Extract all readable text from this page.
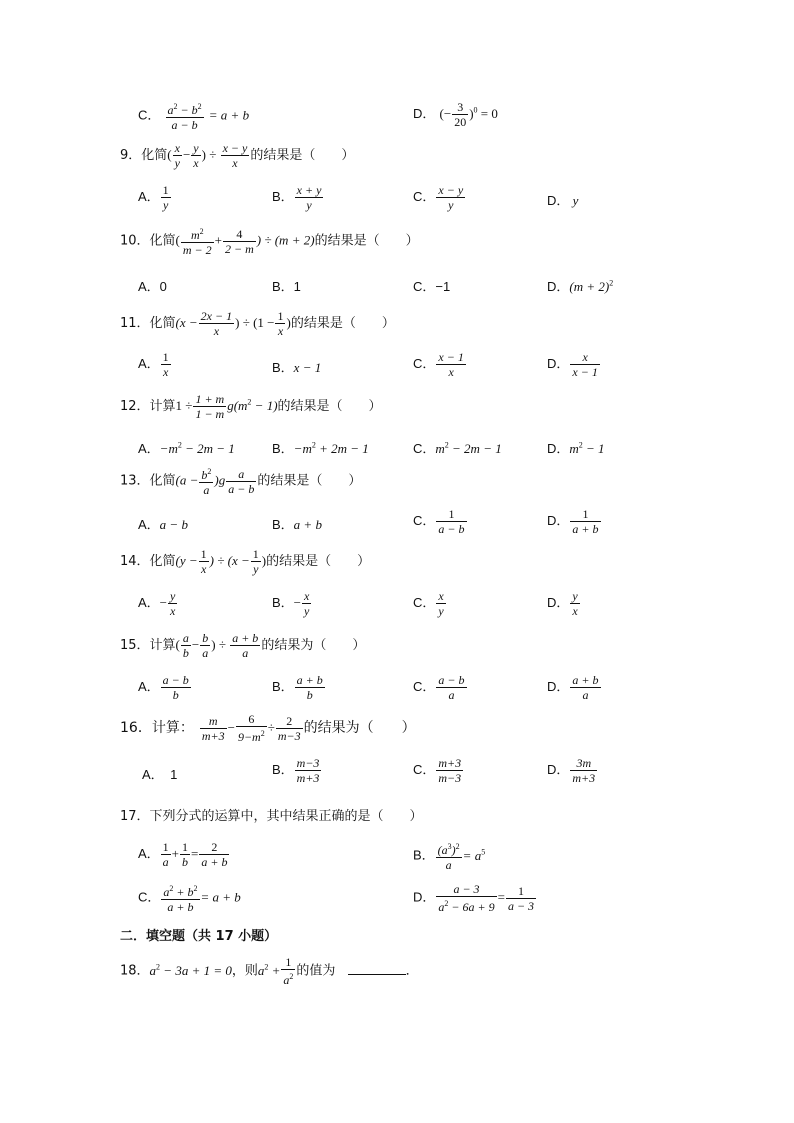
C． $\frac{a^2 - b^2}{a - b} = a + b$	D． (− $\frac{3}{20} )^0 = 0$
9．化简( $\frac{x}{y} - \frac{y}{x}$ ) ÷ $\frac{x - y}{x}$ 的结果是（　　）
A． $\frac{1}{y}$	B． $\frac{x + y}{y}$	C． $\frac{x - y}{y}$	D． y
10．化简( $\frac{m^2}{m - 2} + \frac{4}{2 - m}$ ) ÷ (m + 2)的结果是（　　）
A．0	B．1	C．−1	D．$(m + 2)^2$
11．化简($x - \frac{2x - 1}{x}$ ) ÷ ($1 - \frac{1}{x}$ )的结果是（　　）
A． $\frac{1}{x}$	B．x − 1	C． $\frac{x - 1}{x}$	D． $\frac{x}{x - 1}$
12．计算$1 \div \frac{1 + m}{1 - m} g(m^2 - 1)$的结果是（　　）
A．$-m^2 - 2m - 1$	B．$-m^2 + 2m - 1$	C．$m^2 - 2m - 1$	D．$m^2 - 1$
13．化简$(a - \frac{b^2}{a} )g \frac{a}{a - b}$ 的结果是（　　）
A．a − b	B．a + b	C． $\frac{1}{a - b}$	D． $\frac{1}{a + b}$
14．化简($y - \frac{1}{x}$ ) ÷ ($x - \frac{1}{y}$ )的结果是（　　）
A．− $\frac{y}{x}$	B．− $\frac{x}{y}$	C． $\frac{x}{y}$	D． $\frac{y}{x}$
15．计算( $\frac{a}{b} - \frac{b}{a}$ ) ÷ $\frac{a + b}{a}$ 的结果为（　　）
A． $\frac{a - b}{b}$	B． $\frac{a + b}{b}$	C． $\frac{a - b}{a}$	D． $\frac{a + b}{a}$
16．计算： $\frac{m}{m+3} - \frac{6}{9-m^2} \div \frac{2}{m-3}$ 的结果为（　　）
A．　1	B． $\frac{m-3}{m+3}$	C． $\frac{m+3}{m-3}$	D． $\frac{3m}{m+3}$
17．下列分式的运算中，其中结果正确的是（　　）
A． $\frac{1}{a} + \frac{1}{b} = \frac{2}{a + b}$	B． $\frac{(a^3)^2}{a} = a^5$
C． $\frac{a^2 + b^2}{a + b} = a + b$	D． $\frac{a - 3}{a^2 - 6a + 9} = \frac{1}{a - 3}$
二．填空题（共 17 小题）
18．$a^2 - 3a + 1 = 0$，则$a^2 + \frac{1}{a^2}$ 的值为	．
